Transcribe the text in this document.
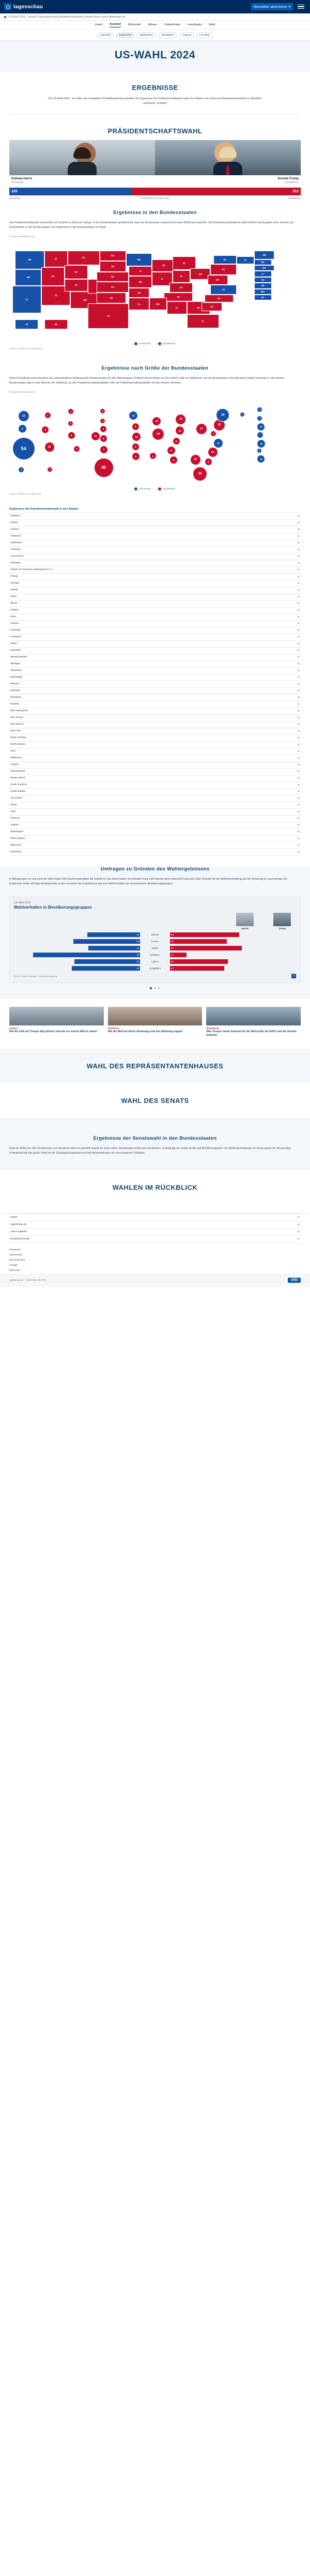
tagesschau	Newsletter abonnieren ▾
US-Wahl 2024 – Donald Trump gewinnt die Präsidentschaftswahl, Kamala Harris räumt Niederlage ein
Inland	Ausland	Wirtschaft	Wissen	Faktenfinder	Investigativ	Mehr
Startseite	Ergebnisse	Wahlsystem	Kandidaten	Analyse	Live-Blog
US-WAHL 2024
ERGEBNISSE

Die US-Wahl 2024 – Es haben die kompletten US-Wahlergebnisse gewählt. Die Ergebnisse der Präsidentschaftswahl sowie der Wahlen zum Senat und Repräsentantenhaus im Überblick: Landkarten, Grafiken.

PRÄSIDENTSCHAFTSWAHL
Kamala Harris
Demokraten
Donald Trump
Republikaner
226	312
Demokraten	270 Wahlleute zum Sieg nötig	Republikaner
Ergebnisse in den Bundesstaaten

Das Präsidentschaftswahl entscheidet sich letztlich im Electoral College. In den Bundesstaaten gewählt wird, dass der Bundesstaat entsprechend seine Wahlleute entsendet. Die Präsidentschaftswahl ist damit letztlich das Ergebnis einer Summe von Einzelwahlen in den Bundesstaaten. Die Ergebnisse in den Bundesstaaten im Detail:

Präsidentschaftswahl 2024
WA
OR
CA
ID
NV
AZ
MT
WY
UT
NM
ND
SD
NE
KS
OK
TX
MN
IA
MO
AR
LA
WI
IL
IN
MI
OH
KY
TN
MS
AL	GA
FL
PA
NY
WV
VA
NC
SC
VT
ME
NH
MA
CT
NJ
DE
MD
DC
HI	AK
Demokraten	Republikaner
Quelle: AP/Edison via tagesschau
Ergebnisse nach Größe der Bundesstaaten

Diese Darstellung veranschaulicht die unterschiedliche Bedeutung der Bundesstaaten für den Wahlausgang: Größere Kreise stehen für eine höhere Zahl von Wahlleuten, die ein Bundesstaat in das Electoral College entsendet. In den kleinen Bundesstaaten gibt es drei Stimmen der Wahlleute, an den Präsidentschaftskandidaten oder die Präsidentschaftskandidatin mit den meisten Stimmen.

Präsidentschaftswahl 2024
12
8
54
4
6
11
4
3
6
5
10
3
3
5
6
7
40
10
6
10
6
8
10
19
11
15
17
8
11
6
9	16
30
19
28
4
13
16
9
3
4
4
11
7
14
3
10
4	3
Demokraten	Republikaner
Quelle: AP/Edison via tagesschau
Ergebnisse der Präsidentschaftswahl in den Staaten
Alabama
Alaska
Arizona
Arkansas
Kalifornien
Colorado
Connecticut
Delaware
District of Columbia (Washington D.C.)
Florida
Georgia
Hawaii
Idaho
Illinois
Indiana
Iowa
Kansas
Kentucky
Louisiana
Maine
Maryland
Massachusetts
Michigan
Minnesota
Mississippi
Missouri
Montana
Nebraska
Nevada
New Hampshire
New Jersey
New Mexico
New York
North Carolina
North Dakota
Ohio
Oklahoma
Oregon
Pennsylvania
Rhode Island
South Carolina
South Dakota
Tennessee
Texas
Utah
Vermont
Virginia
Washington
West Virginia
Wisconsin
Wyoming
Umfragen zu Gründen des Wahlergebnisses

In Befragungen vor und nach der Wahl haben US-Forschungsinstitute die Gründe für das Abschneiden von Donald Trump und Kamala Harris untersucht und auch nach Gründen für die Wahlentscheidung und die Stimmung im Land gefragt. Die Ergebnisse helfen wichtige Anhaltspunkte zu den Ursachen des Ergebnisses und zum Wahlverhalten der verschiedenen Bevölkerungsgruppen.

US-Wahl 2024
Wahlverhalten in Bevölkerungsgruppen
Harris	Trump
42	Männer	55
53	Frauen	45
41	Weiße	57
85	Schwarze	13
52	Latinos	46
54	Jungwähler	43
Quelle: Edison Research / Nachwahlbefragung	↗
Analyse
Wie die USA auf Trumps Sieg blicken und wie vor welche Welt er wartet
Reaktionen
Wie die Welt auf Harris Niederlage und den Wahlsieg reagiert
Hintergrund
Was Trumps zweite Amtszeit für die Wirtschaft, die NATO und die Ukraine bedeutet
WAHL DES REPRÄSENTANTENHAUSES
WAHL DES SENATS
Ergebnisse der Senatswahl in den Bundesstaaten

Etwa ein Drittel der 100 Senatorinnen und Senatoren wird neu gewählt: jeweils für sechs Jahre. Bundesstaat erhält zwei Senatssitze, unabhängig von seiner Größe und Bevölkerungszahl. Die Wahlentscheidungen im Senat spielen für die jeweilige Präsidentschaft eine große Rolle bei der Gesetzgebungsarbeit und sind Mehrheitsfragen der verschiedenen Vorhaben.

WAHLEN IM RÜCKBLICK
Inland
tagesschau.de
ARD-Angebote
Rundfunkzentrale
Impressum
Datenschutz
Barrierefreiheit
Kontakt
Bildrechte
tagesschau.de – Nachrichten der ARD	ARD
